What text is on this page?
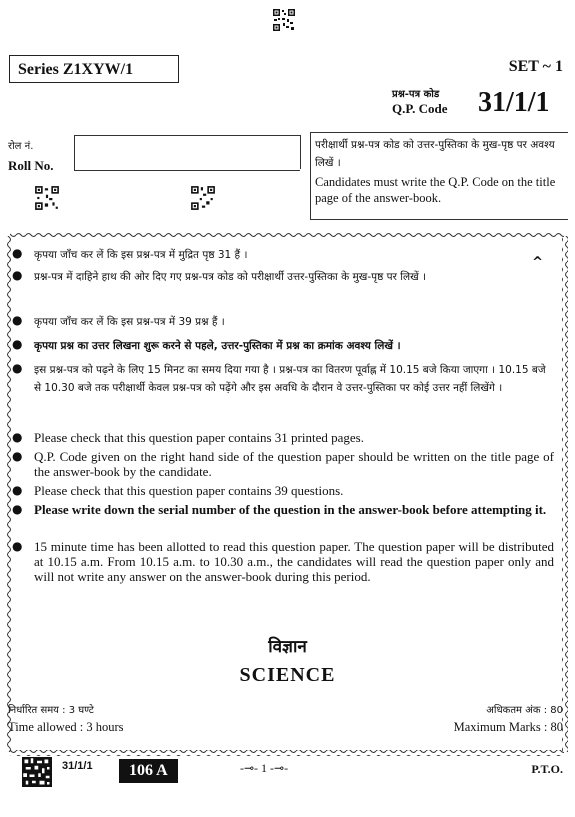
Series Z1XYW/1	SET ~ 1
प्रश्न-पत्र कोड
Q.P. Code 31/1/1
रोल नं.
Roll No.
परीक्षार्थी प्रश्न-पत्र कोड को उत्तर-पुस्तिका के मुख-पृष्ठ पर अवश्य लिखें ।
Candidates must write the Q.P. Code on the title page of the answer-book.
^
● कृपया जाँच कर लें कि इस प्रश्न-पत्र में मुद्रित पृष्ठ 31 हैं ।
● प्रश्न-पत्र में दाहिने हाथ की ओर दिए गए प्रश्न-पत्र कोड को परीक्षार्थी उत्तर-पुस्तिका के मुख-पृष्ठ पर लिखें ।
● कृपया जाँच कर लें कि इस प्रश्न-पत्र में 39 प्रश्न हैं ।
● कृपया प्रश्न का उत्तर लिखना शुरू करने से पहले, उत्तर-पुस्तिका में प्रश्न का क्रमांक अवश्य लिखें ।
● इस प्रश्न-पत्र को पढ़ने के लिए 15 मिनट का समय दिया गया है । प्रश्न-पत्र का वितरण पूर्वाह्न में 10.15 बजे किया जाएगा । 10.15 बजे से 10.30 बजे तक परीक्षार्थी केवल प्रश्न-पत्र को पढ़ेंगे और इस अवधि के दौरान वे उत्तर-पुस्तिका पर कोई उत्तर नहीं लिखेंगे ।
● Please check that this question paper contains 31 printed pages.
● Q.P. Code given on the right hand side of the question paper should be written on the title page of the answer-book by the candidate.
● Please check that this question paper contains 39 questions.
● Please write down the serial number of the question in the answer-book before attempting it.
● 15 minute time has been allotted to read this question paper. The question paper will be distributed at 10.15 a.m. From 10.15 a.m. to 10.30 a.m., the candidates will read the question paper only and will not write any answer on the answer-book during this period.
विज्ञान
SCIENCE
निर्धारित समय : 3 घण्टे
Time allowed : 3 hours
अधिकतम अंक : 80
Maximum Marks : 80
31/1/1	106 A	-⊸- 1 -⊸-	P.T.O.
